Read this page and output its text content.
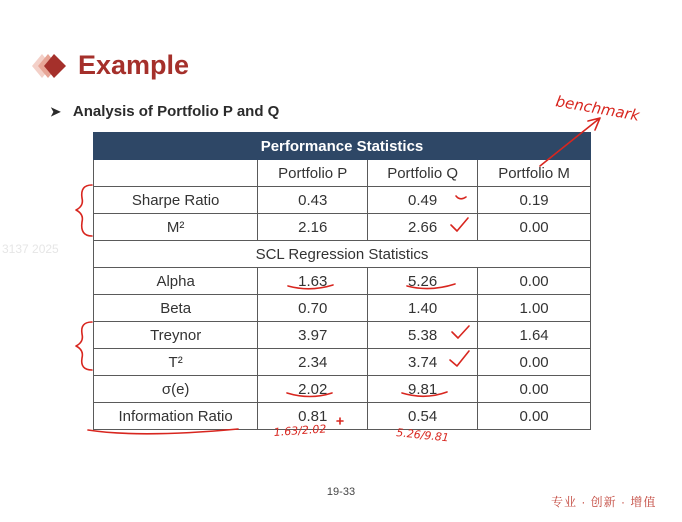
Example
➤ Analysis of Portfolio P and Q
3137 2025
Performance Statistics			
	Portfolio P	Portfolio Q	Portfolio M
Sharpe Ratio	0.43	0.49	0.19
M²	2.16	2.66	0.00
SCL Regression Statistics			
Alpha	1.63	5.26	0.00
Beta	0.70	1.40	1.00
Treynor	3.97	5.38	1.64
T²	2.34	3.74	0.00
σ(e)	2.02	9.81	0.00
Information Ratio	0.81	0.54	0.00
benchmark
1.63/2.02	5.26/9.81
19-33
专业 · 创新 · 增值
